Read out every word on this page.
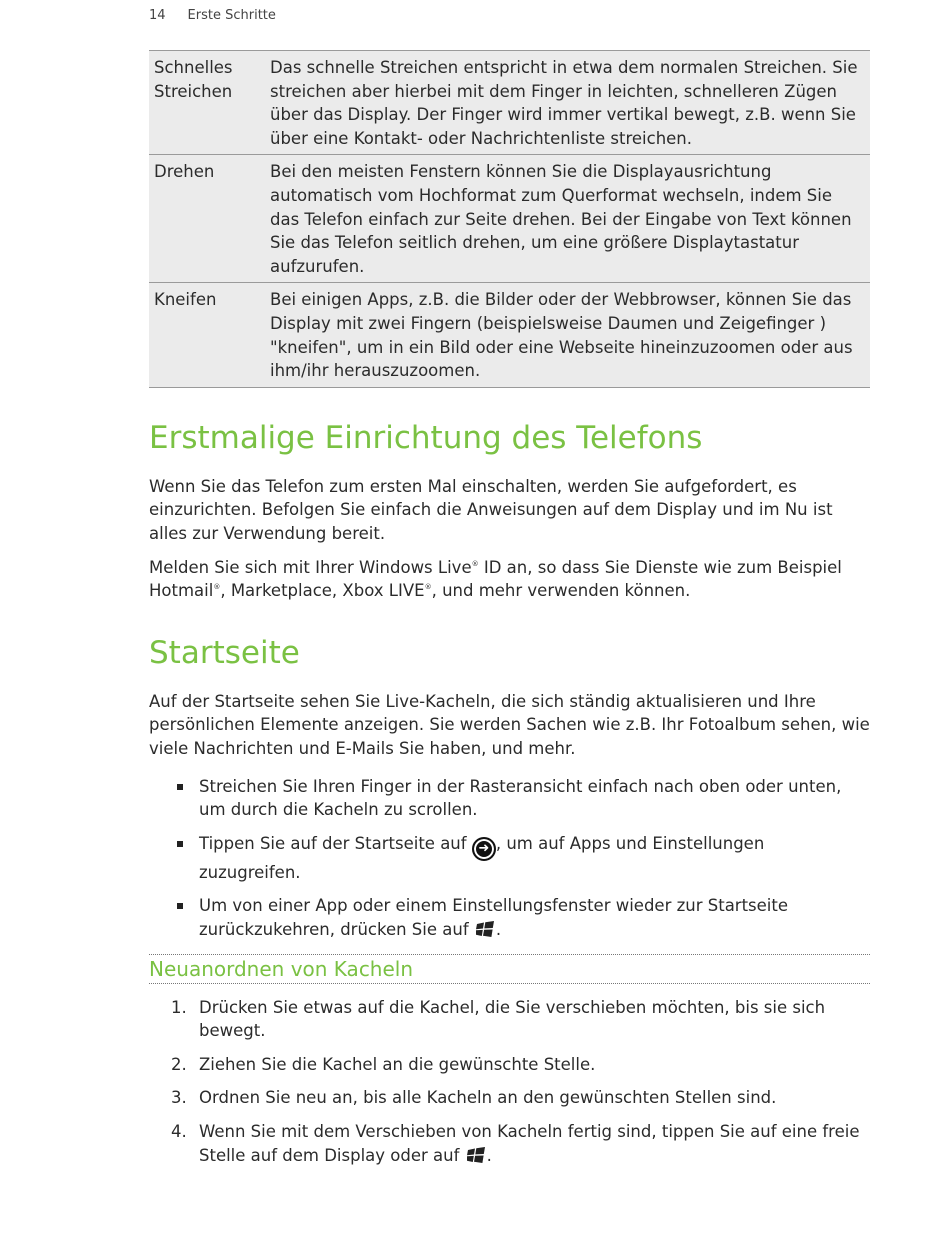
14 Erste Schritte
Schnelles Streichen	Das schnelle Streichen entspricht in etwa dem normalen Streichen. Sie streichen aber hierbei mit dem Finger in leichten, schnelleren Zügen über das Display. Der Finger wird immer vertikal bewegt, z.B. wenn Sie über eine Kontakt- oder Nachrichtenliste streichen.
Drehen	Bei den meisten Fenstern können Sie die Displayausrichtung automatisch vom Hochformat zum Querformat wechseln, indem Sie das Telefon einfach zur Seite drehen. Bei der Eingabe von Text können Sie das Telefon seitlich drehen, um eine größere Displaytastatur aufzurufen.
Kneifen	Bei einigen Apps, z.B. die Bilder oder der Webbrowser, können Sie das Display mit zwei Fingern (beispielsweise Daumen und Zeigefinger ) "kneifen", um in ein Bild oder eine Webseite hineinzuzoomen oder aus ihm/ihr herauszuzoomen.
Erstmalige Einrichtung des Telefons

Wenn Sie das Telefon zum ersten Mal einschalten, werden Sie aufgefordert, es einzurichten. Befolgen Sie einfach die Anweisungen auf dem Display und im Nu ist alles zur Verwendung bereit.

Melden Sie sich mit Ihrer Windows Live® ID an, so dass Sie Dienste wie zum Beispiel Hotmail®, Marketplace, Xbox LIVE®, und mehr verwenden können.

Startseite

Auf der Startseite sehen Sie Live-Kacheln, die sich ständig aktualisieren und Ihre persönlichen Elemente anzeigen. Sie werden Sachen wie z.B. Ihr Fotoalbum sehen, wie viele Nachrichten und E-Mails Sie haben, und mehr.

Streichen Sie Ihren Finger in der Rasteransicht einfach nach oben oder unten, um durch die Kacheln zu scrollen.
Tippen Sie auf der Startseite auf ➜ , um auf Apps und Einstellungen zuzugreifen.
Um von einer App oder einem Einstellungsfenster wieder zur Startseite zurückzukehren, drücken Sie auf .
Neuanordnen von Kacheln
1. Drücken Sie etwas auf die Kachel, die Sie verschieben möchten, bis sie sich bewegt.
2. Ziehen Sie die Kachel an die gewünschte Stelle.
3. Ordnen Sie neu an, bis alle Kacheln an den gewünschten Stellen sind.
4. Wenn Sie mit dem Verschieben von Kacheln fertig sind, tippen Sie auf eine freie Stelle auf dem Display oder auf .
